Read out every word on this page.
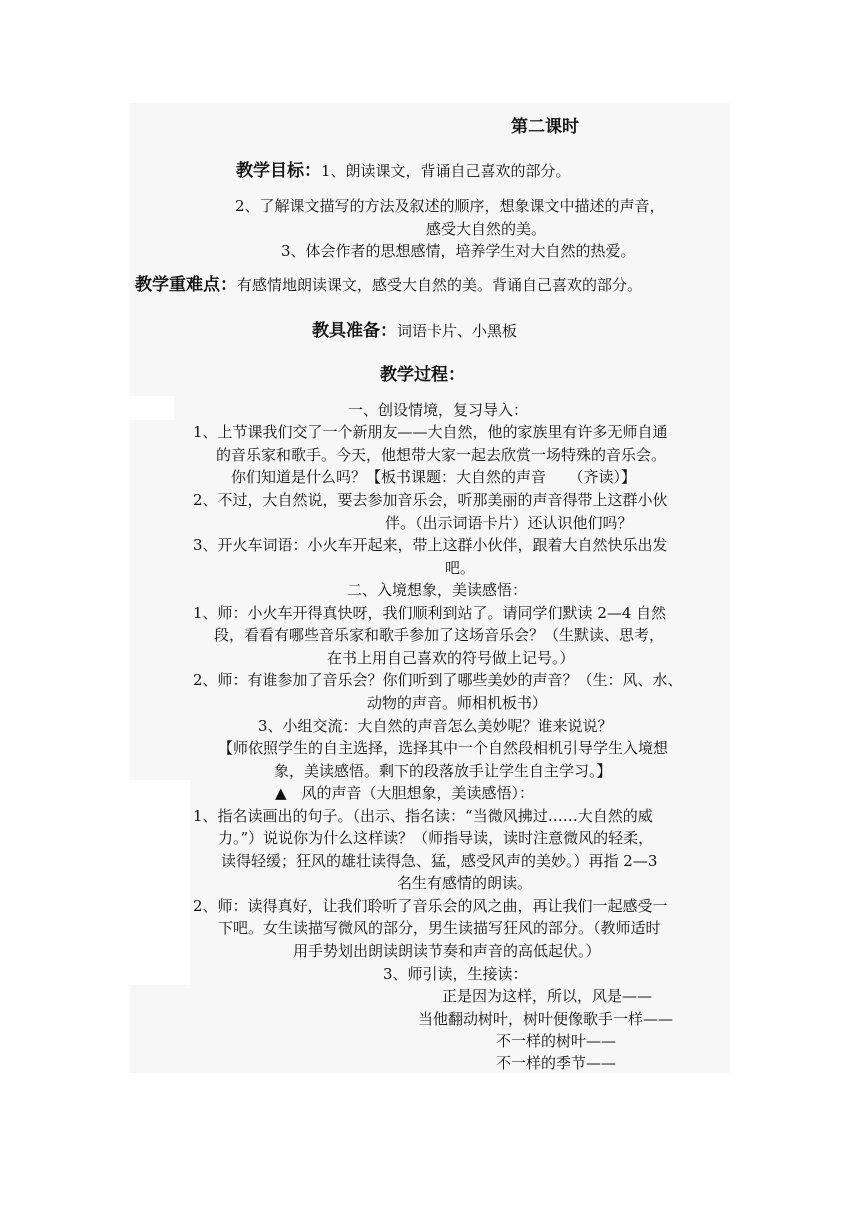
第二课时
教学目标：1、朗读课文，背诵自己喜欢的部分。
2、了解课文描写的方法及叙述的顺序，想象课文中描述的声音，
感受大自然的美。
3、体会作者的思想感情，培养学生对大自然的热爱。
教学重难点：有感情地朗读课文，感受大自然的美。背诵自己喜欢的部分。
教具准备：词语卡片、小黑板
教学过程：
一、创设情境，复习导入：
1、上节课我们交了一个新朋友——大自然，他的家族里有许多无师自通
的音乐家和歌手。今天，他想带大家一起去欣赏一场特殊的音乐会。
你们知道是什么吗？【板书课题：大自然的声音　　（齐读）】
2、不过，大自然说，要去参加音乐会，听那美丽的声音得带上这群小伙
伴。（出示词语卡片）还认识他们吗？
3、开火车词语：小火车开起来，带上这群小伙伴，跟着大自然快乐出发
吧。
二、入境想象，美读感悟：
1、师：小火车开得真快呀，我们顺利到站了。请同学们默读 2—4 自然
段，看看有哪些音乐家和歌手参加了这场音乐会？（生默读、思考，
在书上用自己喜欢的符号做上记号。）
2、师：有谁参加了音乐会？你们听到了哪些美妙的声音？（生：风、水、
动物的声音。师相机板书）
3、小组交流：大自然的声音怎么美妙呢？谁来说说？
【师依照学生的自主选择，选择其中一个自然段相机引导学生入境想
象，美读感悟。剩下的段落放手让学生自主学习。】
▲　风的声音（大胆想象，美读感悟）：
1、指名读画出的句子。（出示、指名读：“当微风拂过……大自然的威
力。”）说说你为什么这样读？（师指导读，读时注意微风的轻柔，
读得轻缓；狂风的雄壮读得急、猛，感受风声的美妙。）再指 2—3
名生有感情的朗读。
2、师：读得真好，让我们聆听了音乐会的风之曲，再让我们一起感受一
下吧。女生读描写微风的部分，男生读描写狂风的部分。（教师适时
用手势划出朗读朗读节奏和声音的高低起伏。）
3、师引读，生接读：
正是因为这样，所以，风是——
当他翻动树叶，树叶便像歌手一样——
不一样的树叶——
不一样的季节——
